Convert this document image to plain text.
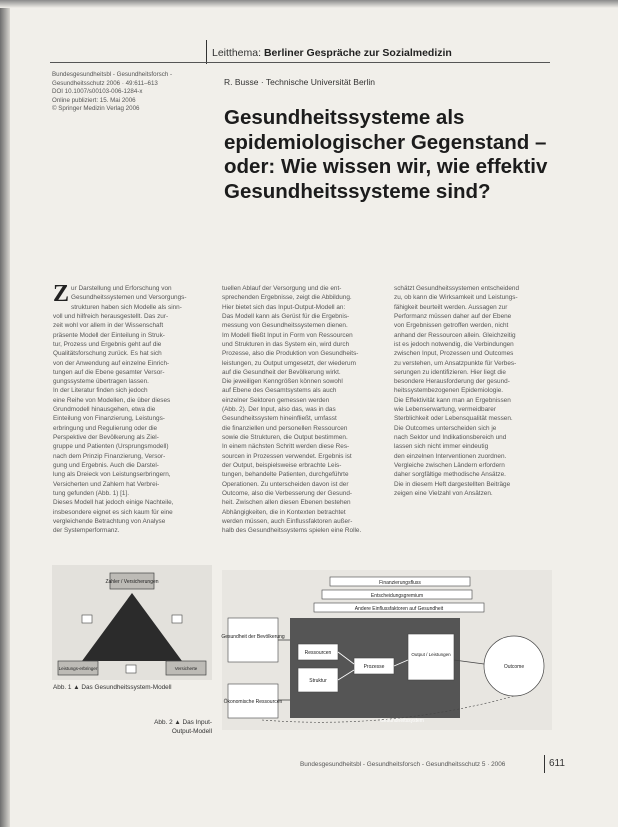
Leitthema: Berliner Gespräche zur Sozialmedizin
Bundesgesundheitsbl - Gesundheitsforsch -
Gesundheitsschutz 2006 · 49:611–613
DOI 10.1007/s00103-006-1284-x
Online publiziert: 15. Mai 2006
© Springer Medizin Verlag 2006
R. Busse · Technische Universität Berlin
Gesundheitssysteme als
epidemiologischer Gegenstand –
oder: Wie wissen wir, wie effektiv
Gesundheitssysteme sind?
Z ur Darstellung und Erforschung von
Gesundheitssystemen und Versorgungs-
strukturen haben sich Modelle als sinn-
voll und hilfreich herausgestellt. Das zur-
zeit wohl vor allem in der Wissenschaft
präsente Modell der Einteilung in Struk-
tur, Prozess und Ergebnis geht auf die
Qualitätsforschung zurück. Es hat sich
von der Anwendung auf einzelne Einrich-
tungen auf die Ebene gesamter Versor-
gungssysteme übertragen lassen.
In der Literatur finden sich jedoch
eine Reihe von Modellen, die über dieses
Grundmodell hinausgehen, etwa die
Einteilung von Finanzierung, Leistungs-
erbringung und Regulierung oder die
Perspektive der Bevölkerung als Ziel-
gruppe und Patienten (Ursprungsmodell)
nach dem Prinzip Finanzierung, Versor-
gung und Ergebnis. Auch die Darstel-
lung als Dreieck von Leistungserbringern,
Versicherten und Zahlern hat Verbrei-
tung gefunden (Abb. 1) [1].
Dieses Modell hat jedoch einige Nachteile,
insbesondere eignet es sich kaum für eine
vergleichende Betrachtung von Analyse
der Systemperformanz.
tuellen Ablauf der Versorgung und die ent-
sprechenden Ergebnisse, zeigt die Abbildung.
Hier bietet sich das Input-Output-Modell an:
Das Modell kann als Gerüst für die Ergebnis-
messung von Gesundheitssystemen dienen.
Im Modell fließt Input in Form von Ressourcen
und Strukturen in das System ein, wird durch
Prozesse, also die Produktion von Gesundheits-
leistungen, zu Output umgesetzt, der wiederum
auf die Gesundheit der Bevölkerung wirkt.
Die jeweiligen Kenngrößen können sowohl
auf Ebene des Gesamtsystems als auch
einzelner Sektoren gemessen werden
(Abb. 2). Der Input, also das, was in das
Gesundheitssystem hineinfließt, umfasst
die finanziellen und personellen Ressourcen
sowie die Strukturen, die Output bestimmen.
In einem nächsten Schritt werden diese Res-
sourcen in Prozessen verwendet. Ergebnis ist
der Output, beispielsweise erbrachte Leis-
tungen, behandelte Patienten, durchgeführte
Operationen. Zu unterscheiden davon ist der
Outcome, also die Verbesserung der Gesund-
heit. Zwischen allen diesen Ebenen bestehen
Abhängigkeiten, die in Kontexten betrachtet
werden müssen, auch Einflussfaktoren außer-
halb des Gesundheitssystems spielen eine Rolle.
schätzt Gesundheitssystemen entscheidend
zu, ob kann die Wirksamkeit und Leistungs-
fähigkeit beurteilt werden. Aussagen zur
Performanz müssen daher auf der Ebene
von Ergebnissen getroffen werden, nicht
anhand der Ressourcen allein. Gleichzeitig
ist es jedoch notwendig, die Verbindungen
zwischen Input, Prozessen und Outcomes
zu verstehen, um Ansatzpunkte für Verbes-
serungen zu identifizieren. Hier liegt die
besondere Herausforderung der gesund-
heitssystembezogenen Epidemiologie.
Die Effektivität kann man an Ergebnissen
wie Lebenserwartung, vermeidbarer
Sterblichkeit oder Lebensqualität messen.
Die Outcomes unterscheiden sich je
nach Sektor und Indikationsbereich und
lassen sich nicht immer eindeutig
den einzelnen Interventionen zuordnen.
Vergleiche zwischen Ländern erfordern
daher sorgfältige methodische Ansätze.
Die in diesem Heft dargestellten Beiträge
zeigen eine Vielzahl von Ansätzen.
Zahler / Versicherungen
Leistungs-erbringer	Versicherte
Abb. 1 ▲ Das Gesundheitssystem-Modell
Abb. 2 ▲ Das Input-Output-Modell
Finanzierungsfluss
Entscheidungsgremium
Andere Einflussfaktoren auf Gesundheit
Gesundheit der Bevölkerung
Ökonomische Ressourcen
Ressourcen
Struktur
Prozesse
Output / Leistungen
Outcome
Gesundheitssystem
Bundesgesundheitsbl - Gesundheitsforsch - Gesundheitsschutz 5 · 2006	611
